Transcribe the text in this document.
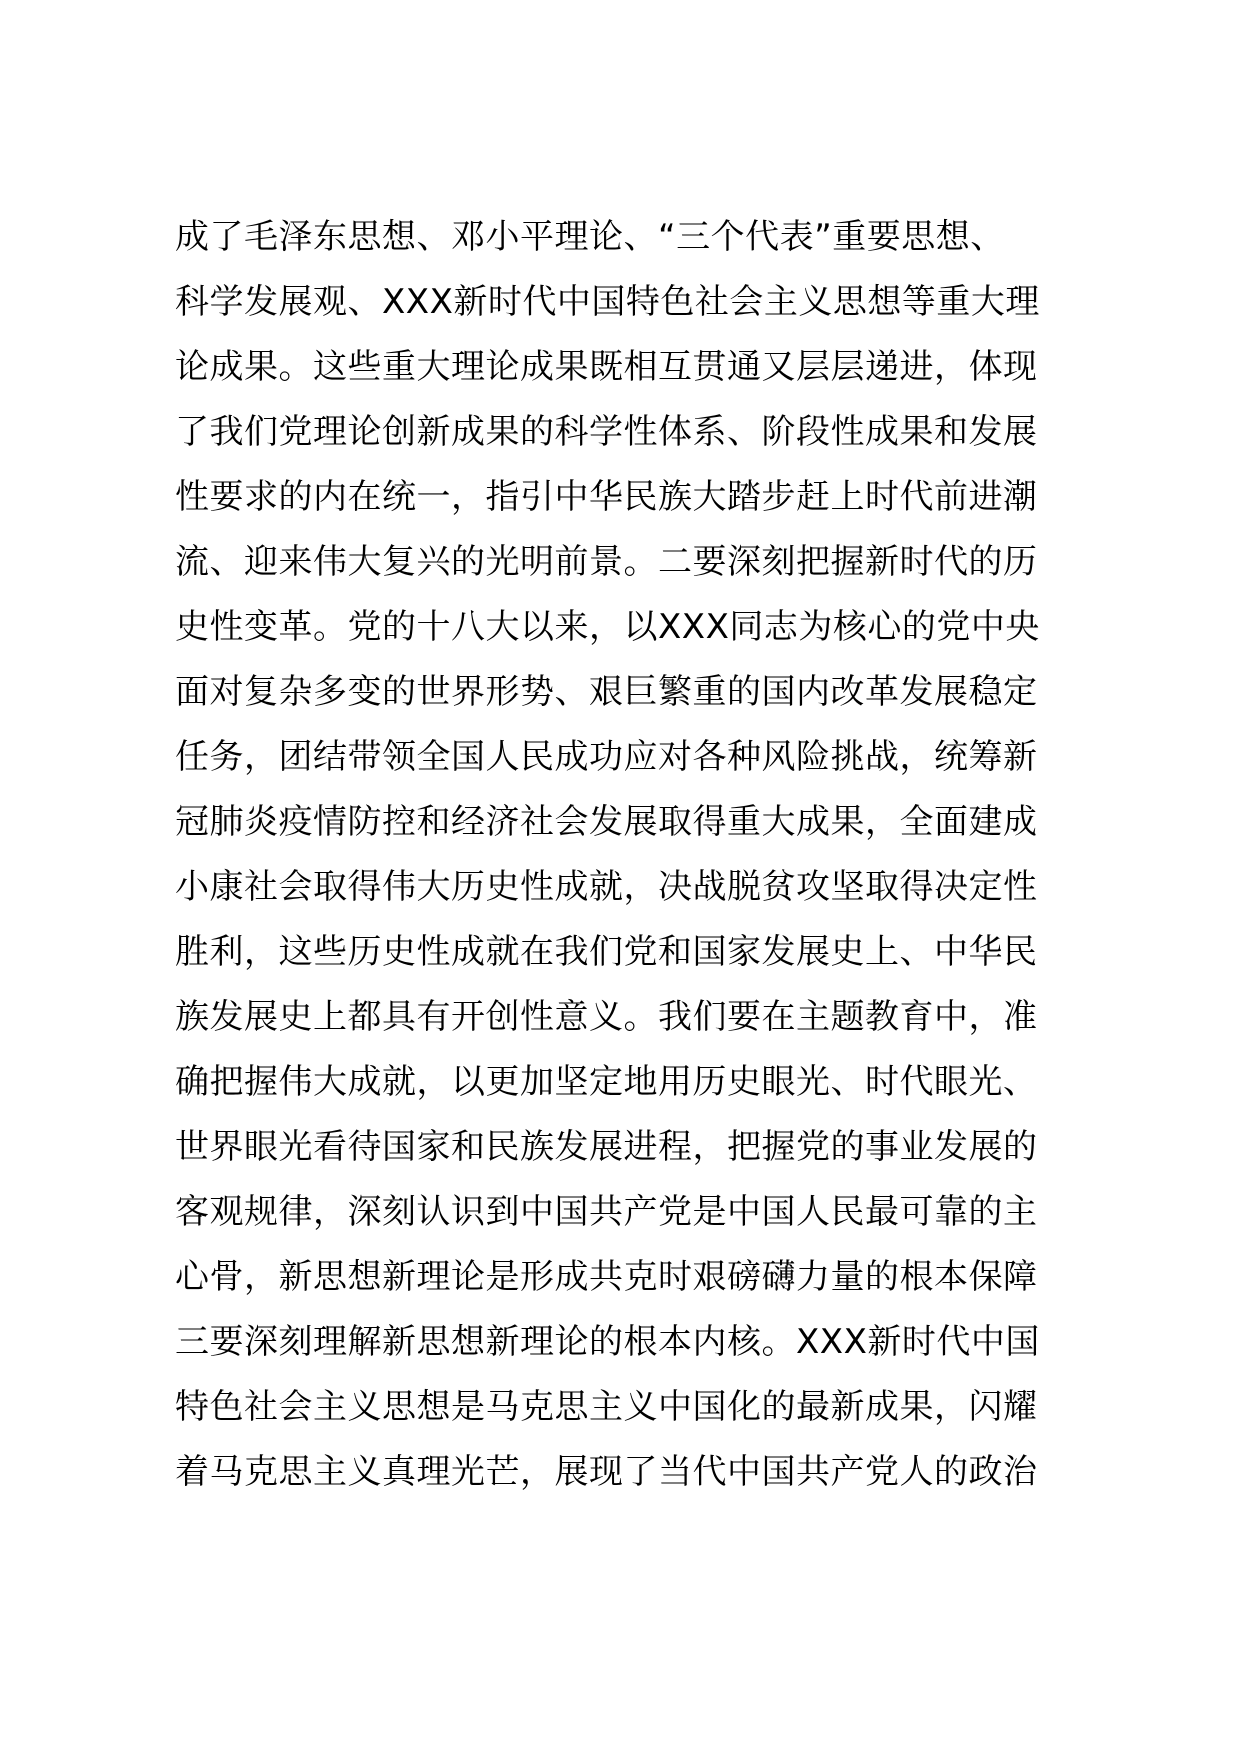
成了毛泽东思想、邓小平理论、“三个代表”重要思想、
科学发展观、XXX新时代中国特色社会主义思想等重大理
论成果。这些重大理论成果既相互贯通又层层递进，体现
了我们党理论创新成果的科学性体系、阶段性成果和发展
性要求的内在统一，指引中华民族大踏步赶上时代前进潮
流、迎来伟大复兴的光明前景。二要深刻把握新时代的历
史性变革。党的十八大以来，以XXX同志为核心的党中央
面对复杂多变的世界形势、艰巨繁重的国内改革发展稳定
任务，团结带领全国人民成功应对各种风险挑战，统筹新
冠肺炎疫情防控和经济社会发展取得重大成果，全面建成
小康社会取得伟大历史性成就，决战脱贫攻坚取得决定性
胜利，这些历史性成就在我们党和国家发展史上、中华民
族发展史上都具有开创性意义。我们要在主题教育中，准
确把握伟大成就，以更加坚定地用历史眼光、时代眼光、
世界眼光看待国家和民族发展进程，把握党的事业发展的
客观规律，深刻认识到中国共产党是中国人民最可靠的主
心骨，新思想新理论是形成共克时艰磅礴力量的根本保障
三要深刻理解新思想新理论的根本内核。XXX新时代中国
特色社会主义思想是马克思主义中国化的最新成果，闪耀
着马克思主义真理光芒，展现了当代中国共产党人的政治
